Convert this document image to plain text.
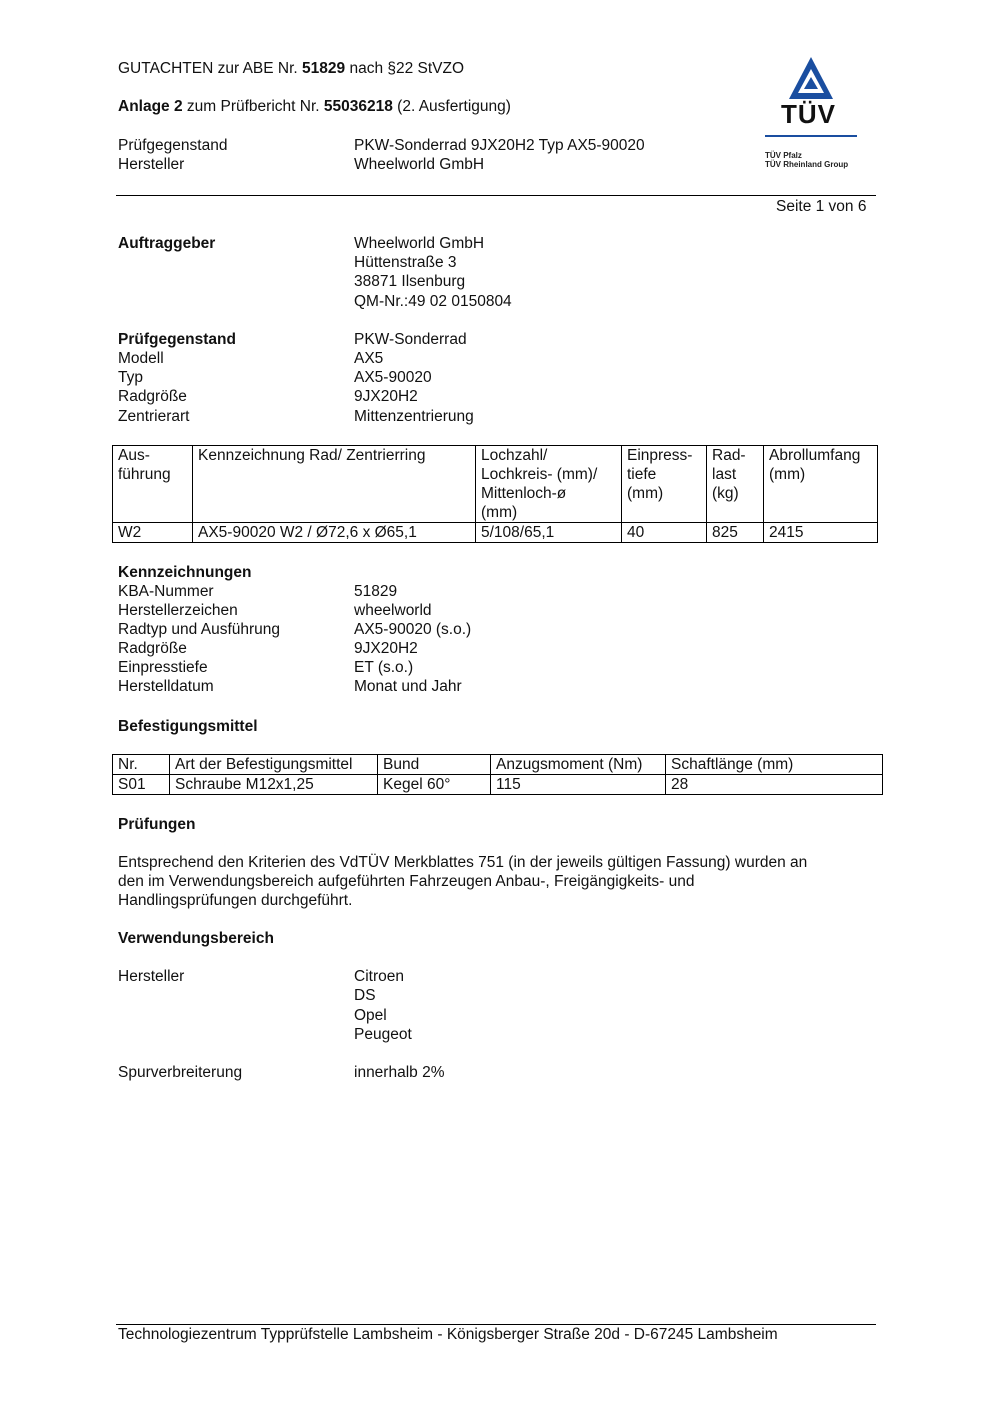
GUTACHTEN zur ABE Nr. 51829 nach §22 StVZO
Anlage 2 zum Prüfbericht Nr. 55036218 (2. Ausfertigung)
Prüfgegenstand	PKW-Sonderrad 9JX20H2 Typ AX5-90020
Hersteller	Wheelworld GmbH
TÜV
TÜV Pfalz
TÜV Rheinland Group
Seite 1 von 6
Auftraggeber	Wheelworld GmbH
Hüttenstraße 3
38871 Ilsenburg
QM-Nr.:49 02 0150804
Prüfgegenstand	PKW-Sonderrad
Modell	AX5
Typ	AX5-90020
Radgröße	9JX20H2
Zentrierart	Mittenzentrierung
Aus-
führung	Kennzeichnung Rad/ Zentrierring	Lochzahl/
Lochkreis- (mm)/
Mittenloch-ø
(mm)	Einpress-
tiefe
(mm)	Rad-
last
(kg)	Abrollumfang
(mm)
W2	AX5-90020 W2 / Ø72,6 x Ø65,1	5/108/65,1	40	825	2415
Kennzeichnungen
KBA-Nummer	51829
Herstellerzeichen	wheelworld
Radtyp und Ausführung	AX5-90020 (s.o.)
Radgröße	9JX20H2
Einpresstiefe	ET (s.o.)
Herstelldatum	Monat und Jahr
Befestigungsmittel
Nr.	Art der Befestigungsmittel	Bund	Anzugsmoment (Nm)	Schaftlänge (mm)
S01	Schraube M12x1,25	Kegel 60°	115	28
Prüfungen
Entsprechend den Kriterien des VdTÜV Merkblattes 751 (in der jeweils gültigen Fassung) wurden an
den im Verwendungsbereich aufgeführten Fahrzeugen Anbau-, Freigängigkeits- und
Handlingsprüfungen durchgeführt.
Verwendungsbereich
Hersteller	Citroen
DS
Opel
Peugeot
Spurverbreiterung	innerhalb 2%
Technologiezentrum Typprüfstelle Lambsheim - Königsberger Straße 20d - D-67245 Lambsheim
